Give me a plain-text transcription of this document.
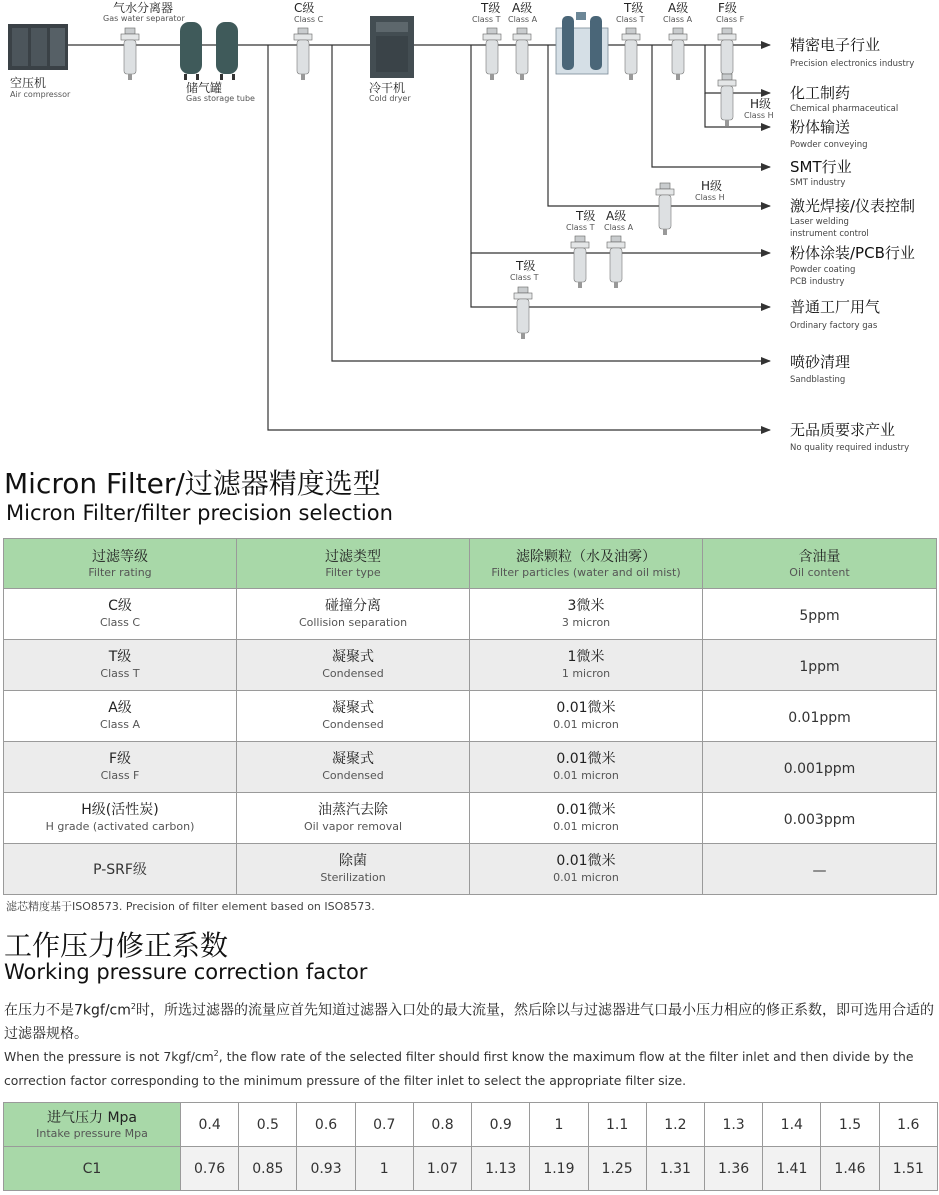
空压机
Air compressor
气水分离器
Gas water separator
储气罐
Gas storage tube
C级
Class C
冷干机
Cold dryer
T级
Class T
A级
Class A
T级
Class T
A级
Class A
F级
Class F
H级
Class H
H级
Class H
T级
Class T
A级
Class A
T级
Class T
精密电子行业
Precision electronics industry
化工制药
Chemical pharmaceutical
粉体输送
Powder conveying
SMT行业
SMT industry
激光焊接/仪表控制
Laser welding
instrument control
粉体涂装/PCB行业
Powder coating
PCB industry
普通工厂用气
Ordinary factory gas
喷砂清理
Sandblasting
无品质要求产业
No quality required industry
Micron Filter/过滤器精度选型
Micron Filter/filter precision selection
过滤等级
Filter rating	过滤类型
Filter type	滤除颗粒（水及油雾）
Filter particles (water and oil mist)	含油量
Oil content

C级
Class C	碰撞分离
Collision separation	3微米
3 micron	5ppm

T级
Class T	凝聚式
Condensed	1微米
1 micron	1ppm

A级
Class A	凝聚式
Condensed	0.01微米
0.01 micron	0.01ppm

F级
Class F	凝聚式
Condensed	0.01微米
0.01 micron	0.001ppm

H级(活性炭)
H grade (activated carbon)	油蒸汽去除
Oil vapor removal	0.01微米
0.01 micron	0.003ppm
P-SRF级	除菌
Sterilization	0.01微米
0.01 micron	—
滤芯精度基于ISO8573. Precision of filter element based on ISO8573.
工作压力修正系数
Working pressure correction factor
在压力不是$7kgf/cm^2$时，所选过滤器的流量应首先知道过滤器入口处的最大流量，然后除以与过滤器进气口最小压力相应的修正系数，即可选用合适的过滤器规格。
When the pressure is not $7kgf/cm^2$, the flow rate of the selected filter should first know the maximum flow at the filter inlet and then divide by the correction factor corresponding to the minimum pressure of the filter inlet to select the appropriate filter size.
进气压力 Mpa
Intake pressure Mpa	0.4	0.5	0.6	0.7	0.8	0.9	1	1.1	1.2	1.3	1.4	1.5	1.6
C1	0.76	0.85	0.93	1	1.07	1.13	1.19	1.25	1.31	1.36	1.41	1.46	1.51
